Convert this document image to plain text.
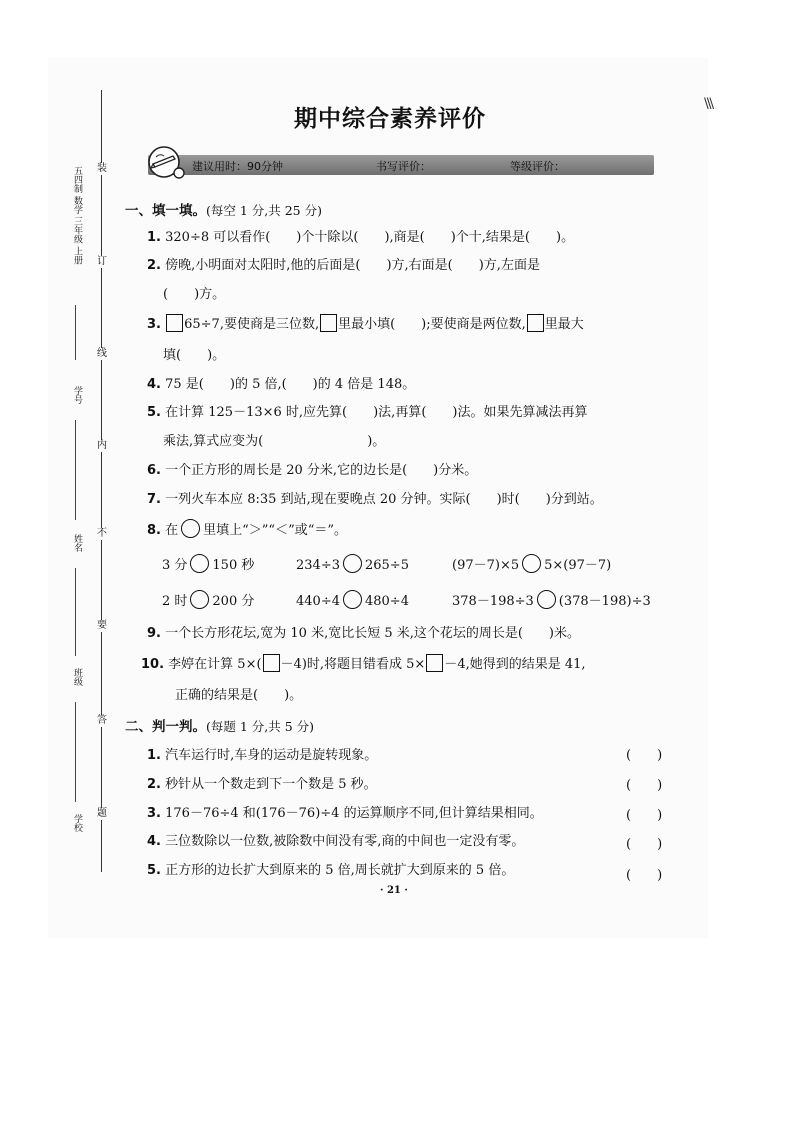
装
订
线
内
不
要
答
题
五四制 数学 三年级 上册
学号
姓名
班级
学校
\\\
期中综合素养评价
建议用时：90分钟	书写评价：	等级评价：
一、填一填。(每空 1 分,共 25 分)
1. 320÷8 可以看作(　　)个十除以(　　),商是(　　)个十,结果是(　　)。
2. 傍晚,小明面对太阳时,他的后面是(　　)方,右面是(　　)方,左面是
(　　)方。
3. 65÷7,要使商是三位数, 里最小填(　　);要使商是两位数, 里最大
填(　　)。
4. 75 是(　　)的 5 倍,(　　)的 4 倍是 148。
5. 在计算 125－13×6 时,应先算(　　)法,再算(　　)法。如果先算减法再算
乘法,算式应变为(　　　　　　　　)。
6. 一个正方形的周长是 20 分米,它的边长是(　　)分米。
7. 一列火车本应 8:35 到站,现在要晚点 20 分钟。实际(　　)时(　　)分到站。
8. 在 里填上“＞”“＜”或“＝”。
3 分 150 秒	234÷3 265÷5	(97－7)×5 5×(97－7)
2 时 200 分	440÷4 480÷4	378－198÷3 (378－198)÷3
9. 一个长方形花坛,宽为 10 米,宽比长短 5 米,这个花坛的周长是(　　)米。
10. 李婷在计算 5×( －4)时,将题目错看成 5× －4,她得到的结果是 41,
正确的结果是(　　)。
二、判一判。(每题 1 分,共 5 分)
1. 汽车运行时,车身的运动是旋转现象。	(　　)
2. 秒针从一个数走到下一个数是 5 秒。	(　　)
3. 176－76÷4 和(176－76)÷4 的运算顺序不同,但计算结果相同。	(　　)
4. 三位数除以一位数,被除数中间没有零,商的中间也一定没有零。	(　　)
5. 正方形的边长扩大到原来的 5 倍,周长就扩大到原来的 5 倍。	(　　)
· 21 ·
